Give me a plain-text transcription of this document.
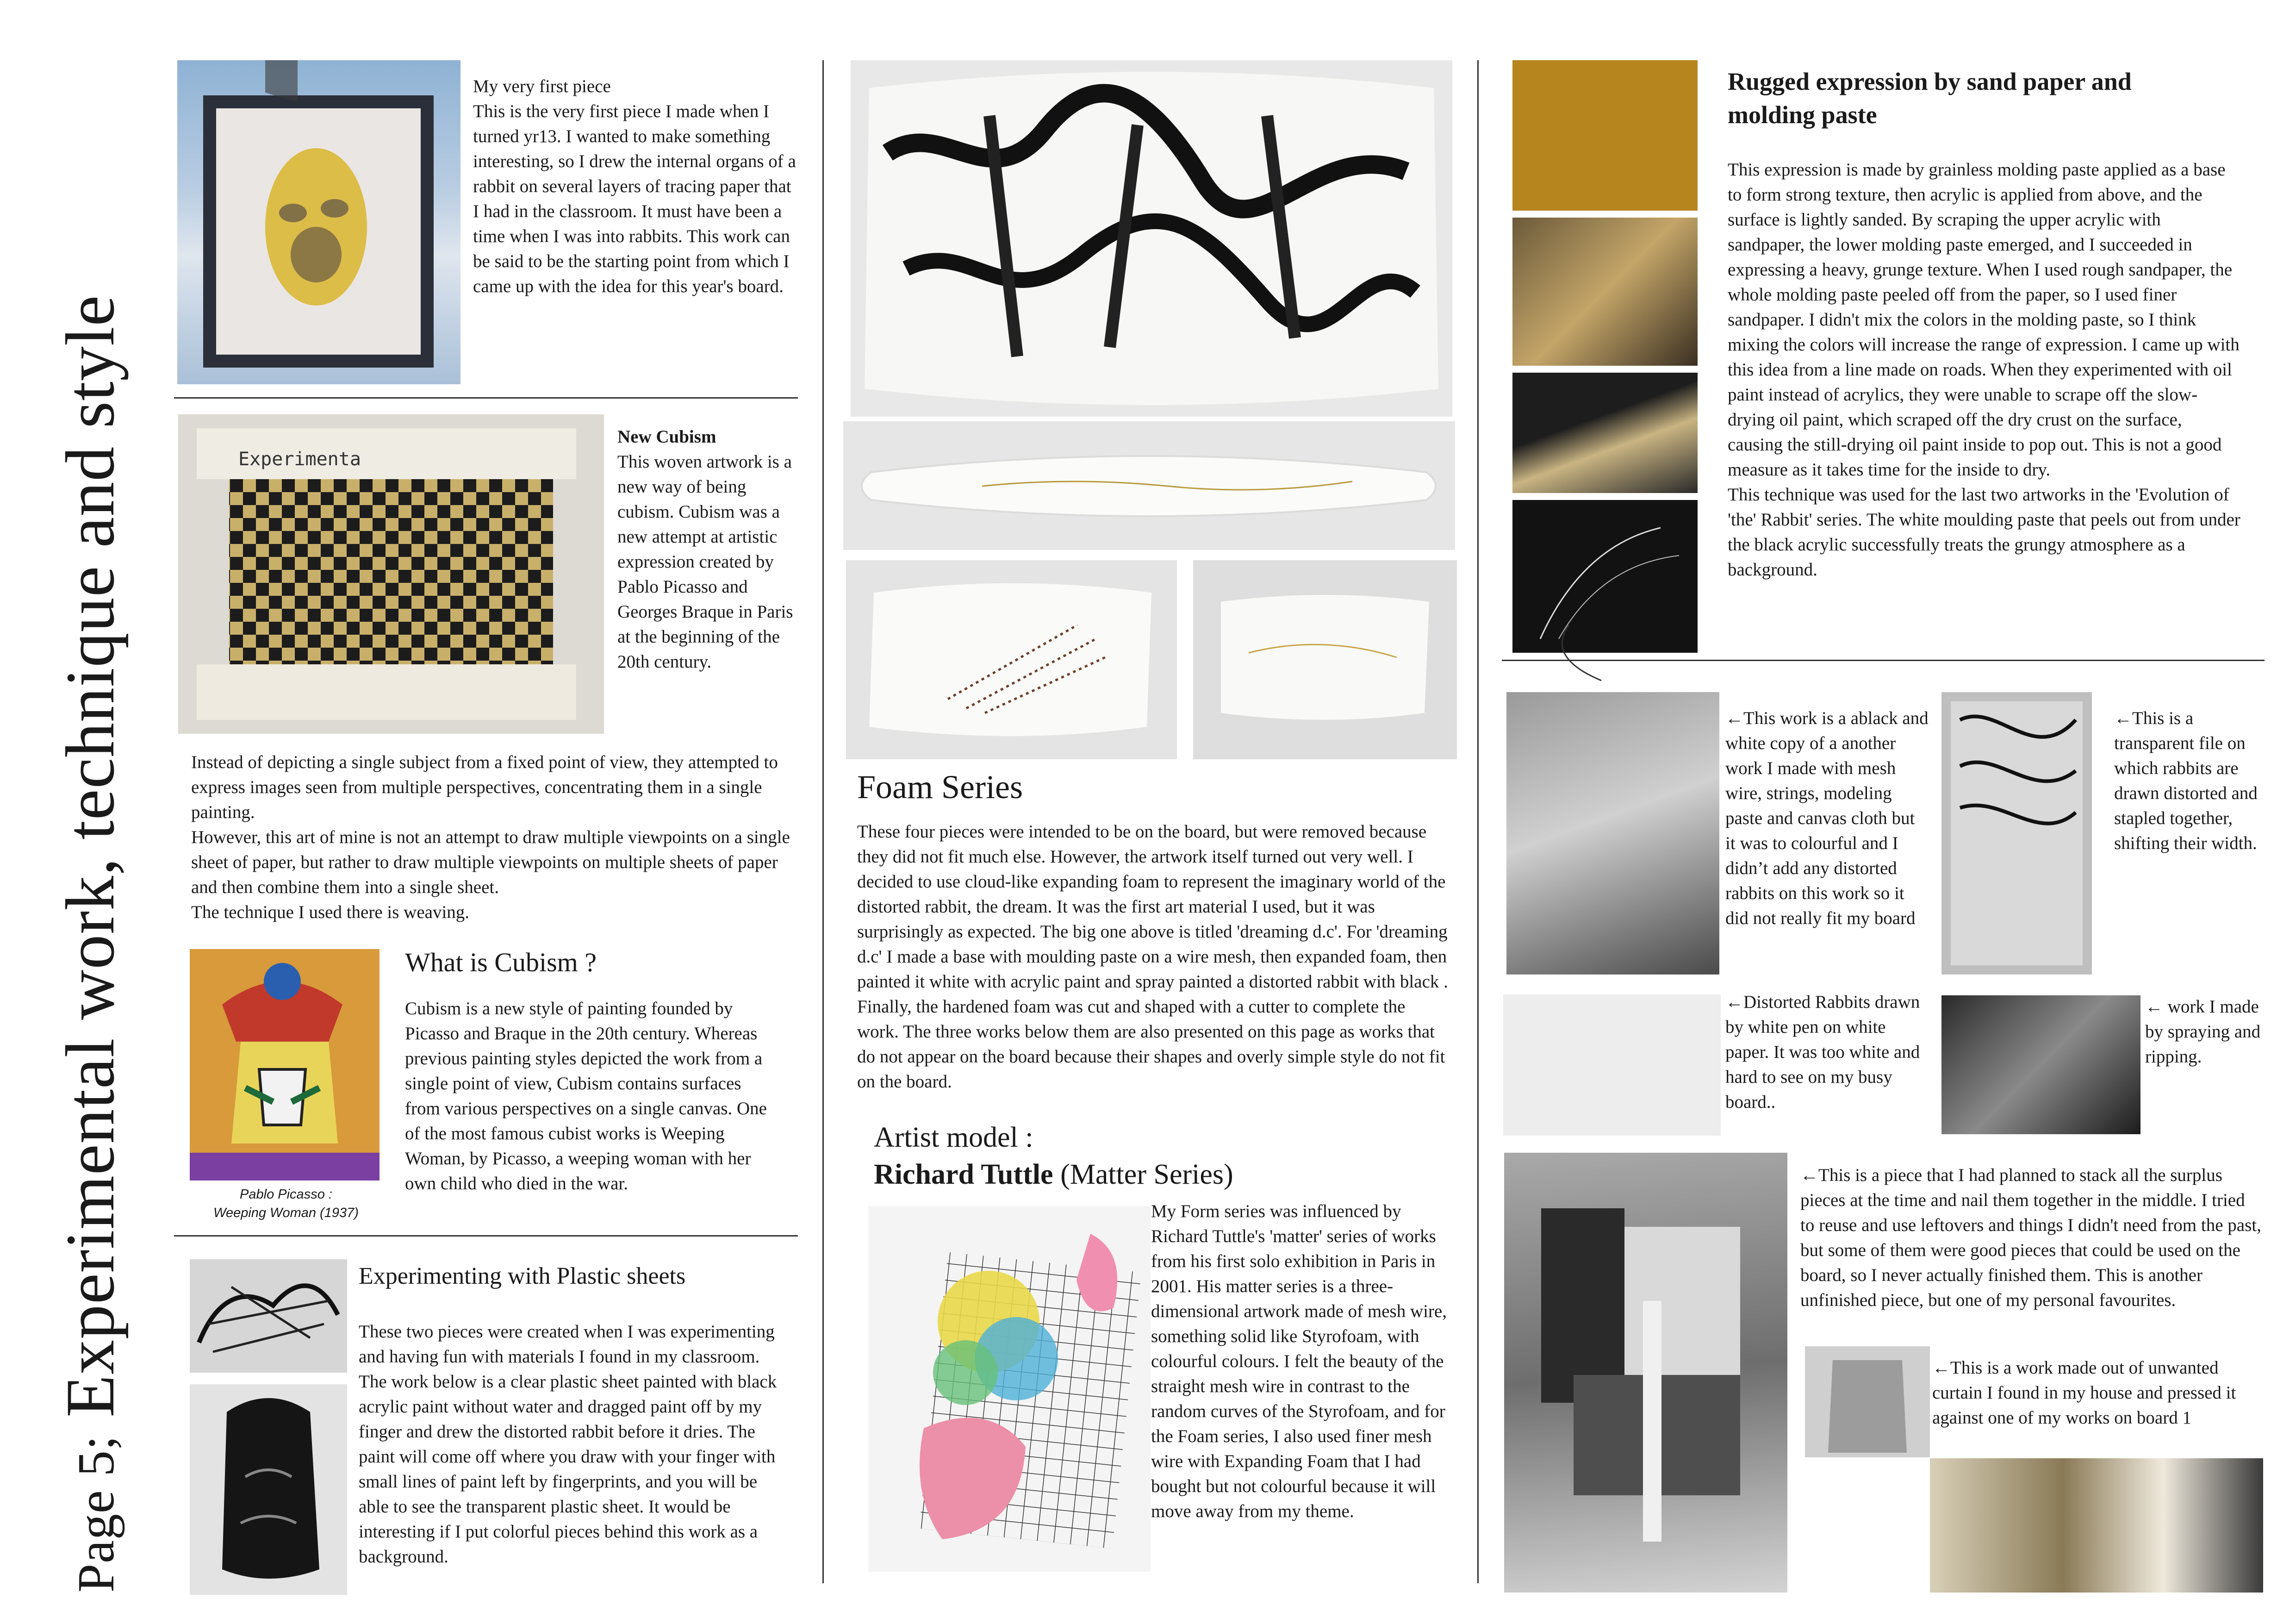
Page 5; Experimental work, technique and style

My very first piece

This is the very first piece I made when I turned yr13. I wanted to make something interesting, so I drew the internal organs of a rabbit on several layers of tracing paper that I had in the classroom. It must have been a time when I was into rabbits. This work can be said to be the starting point from which I came up with the idea for this year's board.

Experimenta

New Cubism

This woven artwork is a new way of being cubism. Cubism was a new attempt at artistic expression created by Pablo Picasso and Georges Braque in Paris at the beginning of the 20th century.

Instead of depicting a single subject from a fixed point of view, they attempted to express images seen from multiple perspectives, concentrating them in a single painting.

However, this art of mine is not an attempt to draw multiple viewpoints on a single sheet of paper, but rather to draw multiple viewpoints on multiple sheets of paper and then combine them into a single sheet.

The technique I used there is weaving.

Pablo Picasso :
Weeping Woman (1937)
What is Cubism ?

Cubism is a new style of painting founded by Picasso and Braque in the 20th century. Whereas previous painting styles depicted the work from a single point of view, Cubism contains surfaces from various perspectives on a single canvas. One of the most famous cubist works is Weeping Woman, by Picasso, a weeping woman with her own child who died in the war.

Experimenting with Plastic sheets

These two pieces were created when I was experimenting and having fun with materials I found in my classroom. The work below is a clear plastic sheet painted with black acrylic paint without water and dragged paint off by my finger and drew the distorted rabbit before it dries. The paint will come off where you draw with your finger with small lines of paint left by fingerprints, and you will be able to see the transparent plastic sheet. It would be interesting if I put colorful pieces behind this work as a background.

Foam Series

These four pieces were intended to be on the board, but were removed because they did not fit much else. However, the artwork itself turned out very well. I decided to use cloud-like expanding foam to represent the imaginary world of the distorted rabbit, the dream. It was the first art material I used, but it was surprisingly as expected. The big one above is titled 'dreaming d.c'. For 'dreaming d.c' I made a base with moulding paste on a wire mesh, then expanded foam, then painted it white with acrylic paint and spray painted a distorted rabbit with black . Finally, the hardened foam was cut and shaped with a cutter to complete the work. The three works below them are also presented on this page as works that do not appear on the board because their shapes and overly simple style do not fit on the board.

Artist model :
Richard Tuttle (Matter Series)

My Form series was influenced by Richard Tuttle's 'matter' series of works from his first solo exhibition in Paris in 2001. His matter series is a three-dimensional artwork made of mesh wire, something solid like Styrofoam, with colourful colours. I felt the beauty of the straight mesh wire in contrast to the random curves of the Styrofoam, and for the Foam series, I also used finer mesh wire with Expanding Foam that I had bought but not colourful because it will move away from my theme.

Rugged expression by sand paper and molding paste

This expression is made by grainless molding paste applied as a base to form strong texture, then acrylic is applied from above, and the surface is lightly sanded. By scraping the upper acrylic with sandpaper, the lower molding paste emerged, and I succeeded in expressing a heavy, grunge texture. When I used rough sandpaper, the whole molding paste peeled off from the paper, so I used finer sandpaper. I didn't mix the colors in the molding paste, so I think mixing the colors will increase the range of expression. I came up with this idea from a line made on roads. When they experimented with oil paint instead of acrylics, they were unable to scrape off the slow-drying oil paint, which scraped off the dry crust on the surface, causing the still-drying oil paint inside to pop out. This is not a good measure as it takes time for the inside to dry.

This technique was used for the last two artworks in the 'Evolution of 'the' Rabbit' series. The white moulding paste that peels out from under the black acrylic successfully treats the grungy atmosphere as a background.

←This work is a ablack and white copy of a another work I made with mesh wire, strings, modeling paste and canvas cloth but it was to colourful and I didn’t add any distorted rabbits on this work so it did not really fit my board

←This is a transparent file on which rabbits are drawn distorted and stapled together, shifting their width.

←Distorted Rabbits drawn by white pen on white paper. It was too white and hard to see on my busy board..

← work I made by spraying and ripping.

←This is a piece that I had planned to stack all the surplus pieces at the time and nail them together in the middle. I tried to reuse and use leftovers and things I didn't need from the past, but some of them were good pieces that could be used on the board, so I never actually finished them. This is another unfinished piece, but one of my personal favourites.

←This is a work made out of unwanted curtain I found in my house and pressed it against one of my works on board 1
